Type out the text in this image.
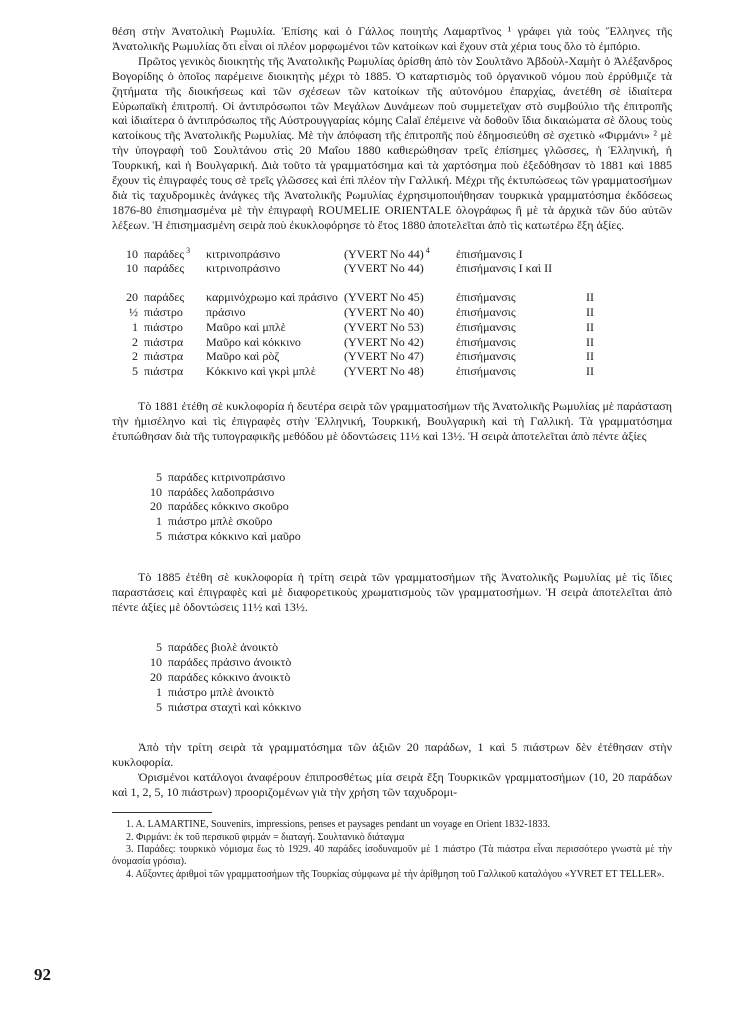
θέση στὴν Ἀνατολικὴ Ρωμυλία. Ἐπίσης καὶ ὁ Γάλλος ποιητὴς Λαμαρτῖνος ¹ γράφει γιὰ τοὺς Ἕλληνες τῆς Ἀνατολικῆς Ρωμυλίας ὅτι εἶναι οἱ πλέον μορφωμένοι τῶν κατοίκων καὶ ἔχουν στὰ χέρια τους ὅλο τὸ ἐμπόριο.

Πρῶτος γενικὸς διοικητὴς τῆς Ἀνατολικῆς Ρωμυλίας ὁρίσθη ἀπὸ τὸν Σουλτᾶνο Ἀβδοὺλ-Χαμὴτ ὁ Ἀλέξανδρος Βογορίδης ὁ ὁποῖος παρέμεινε διοικητὴς μέχρι τὸ 1885. Ὁ καταρτισμὸς τοῦ ὀργανικοῦ νόμου ποὺ ἐρρύθμιζε τὰ ζητήματα τῆς διοικήσεως καὶ τῶν σχέσεων τῶν κατοίκων τῆς αὐτονόμου ἐπαρχίας, ἀνετέθη σὲ ἰδιαίτερα Εὐρωπαϊκὴ ἐπιτροπή. Οἱ ἀντιπρόσωποι τῶν Μεγάλων Δυνάμεων ποὺ συμμετεῖχαν στὸ συμβούλιο τῆς ἐπιτροπῆς καὶ ἰδιαίτερα ὁ ἀντιπρόσωπος τῆς Αὐστρουγγαρίας κόμης Calaï ἐπέμεινε νὰ δοθοῦν ἴδια δικαιώματα σὲ ὅλους τοὺς κατοίκους τῆς Ἀνατολικῆς Ρωμυλίας. Μὲ τὴν ἀπόφαση τῆς ἐπιτροπῆς ποὺ ἐδημοσιεύθη σὲ σχετικὸ «Φιρμάνι» ² μὲ τὴν ὑπογραφὴ τοῦ Σουλτάνου στὶς 20 Μαΐου 1880 καθιερώθησαν τρεῖς ἐπίσημες γλῶσσες, ἡ Ἑλληνική, ἡ Τουρκική, καὶ ἡ Βουλγαρική. Διὰ τοῦτο τὰ γραμματόσημα καὶ τὰ χαρτόσημα ποὺ ἐξεδόθησαν τὸ 1881 καὶ 1885 ἔχουν τὶς ἐπιγραφές τους σὲ τρεῖς γλῶσσες καὶ ἐπὶ πλέον τὴν Γαλλική. Μέχρι τῆς ἐκτυπώσεως τῶν γραμματοσήμων διὰ τὶς ταχυδρομικὲς ἀνάγκες τῆς Ἀνατολικῆς Ρωμυλίας ἐχρησιμοποιήθησαν τουρκικὰ γραμματόσημα ἐκδόσεως 1876-80 ἐπισημασμένα μὲ τὴν ἐπιγραφὴ ROUMELIE ORIENTALE ὁλογράφως ἢ μὲ τὰ ἀρχικὰ τῶν δύο αὐτῶν λέξεων. Ἡ ἐπισημασμένη σειρὰ ποὺ ἐκυκλοφόρησε τὸ ἔτος 1880 ἀποτελεῖται ἀπὸ τὶς κατωτέρω ἕξη ἀξίες.

10	παράδες $^3$	κιτρινοπράσινο	(YVERT No 44) $^4$	ἐπισήμανσις I	
10	παράδες	κιτρινοπράσινο	(YVERT No 44)	ἐπισήμανσις I καὶ II	
20	παράδες	καρμινόχρωμο καὶ πράσινο	(YVERT No 45)	ἐπισήμανσις	II
½	πιάστρο	πράσινο	(YVERT No 40)	ἐπισήμανσις	II
1	πιάστρο	Μαῦρο καὶ μπλὲ	(YVERT No 53)	ἐπισήμανσις	II
2	πιάστρα	Μαῦρο καὶ κόκκινο	(YVERT No 42)	ἐπισήμανσις	II
2	πιάστρα	Μαῦρο καὶ ρὸζ	(YVERT No 47)	ἐπισήμανσις	II
5	πιάστρα	Κόκκινο καὶ γκρὶ μπλὲ	(YVERT No 48)	ἐπισήμανσις	II

Τὸ 1881 ἐτέθη σὲ κυκλοφορία ἡ δευτέρα σειρὰ τῶν γραμματοσήμων τῆς Ἀνατολικῆς Ρωμυλίας μὲ παράσταση τὴν ἡμισέληνο καὶ τὶς ἐπιγραφὲς στὴν Ἑλληνική, Τουρκική, Βουλγαρικὴ καὶ τὴ Γαλλική. Τὰ γραμματόσημα ἐτυπώθησαν διὰ τῆς τυπογραφικῆς μεθόδου μὲ ὀδοντώσεις 11½ καὶ 13½. Ἡ σειρὰ ἀποτελεῖται ἀπὸ πέντε ἀξίες

5 παράδες κιτρινοπράσινο
10 παράδες λαδοπράσινο
20 παράδες κόκκινο σκοῦρο
1 πιάστρο μπλὲ σκοῦρο
5 πιάστρα κόκκινο καὶ μαῦρο

Τὸ 1885 ἐτέθη σὲ κυκλοφορία ἡ τρίτη σειρὰ τῶν γραμματοσήμων τῆς Ἀνατολικῆς Ρωμυλίας μὲ τὶς ἴδιες παραστάσεις καὶ ἐπιγραφὲς καὶ μὲ διαφορετικοὺς χρωματισμοὺς τῶν γραμματοσήμων. Ἡ σειρὰ ἀποτελεῖται ἀπὸ πέντε ἀξίες μὲ ὀδοντώσεις 11½ καὶ 13½.

5 παράδες βιολὲ ἀνοικτὸ
10 παράδες πράσινο ἀνοικτὸ
20 παράδες κόκκινο ἀνοικτὸ
1 πιάστρο μπλὲ ἀνοικτὸ
5 πιάστρα σταχτὶ καὶ κόκκινο

Ἀπὸ τὴν τρίτη σειρὰ τὰ γραμματόσημα τῶν ἀξιῶν 20 παράδων, 1 καὶ 5 πιάστρων δὲν ἐτέθησαν στὴν κυκλοφορία.

Ὁρισμένοι κατάλογοι ἀναφέρουν ἐπιπροσθέτως μία σειρὰ ἕξη Τουρκικῶν γραμματοσήμων (10, 20 παράδων καὶ 1, 2, 5, 10 πιάστρων) προοριζομένων γιὰ τὴν χρήση τῶν ταχυδρομι-

1. A. LAMARTINE, Souvenirs, impressions, penses et paysages pendant un voyage en Orient 1832-1833.

2. Φιρμάνι: ἐκ τοῦ περσικοῦ φιρμάν = διαταγή. Σουλτανικὸ διάταγμα

3. Παράδες: τουρκικὸ νόμισμα ἕως τὸ 1929. 40 παράδες ἰσοδυναμοῦν μὲ 1 πιάστρο (Τὰ πιάστρα εἶναι περισσότερο γνωστὰ μὲ τὴν ὀνομασία γρόσια).

4. Αὔξοντες ἀριθμοὶ τῶν γραμματοσήμων τῆς Τουρκίας σύμφωνα μὲ τὴν ἀρίθμηση τοῦ Γαλλικοῦ καταλόγου «YVRET ET TELLER».

92
